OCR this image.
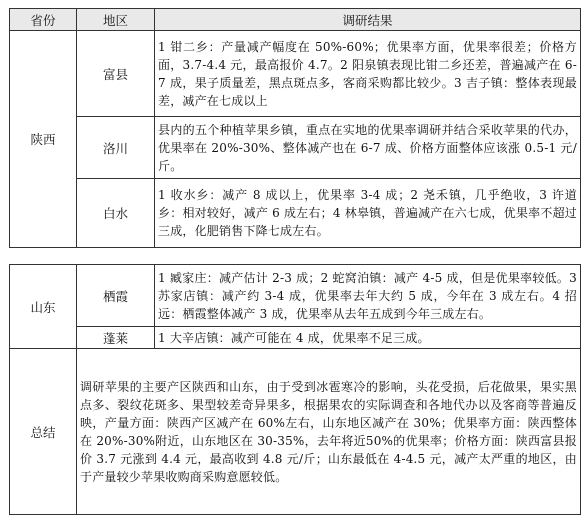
省份	地区	调研结果
陕西	富县	1 钳二乡：产量减产幅度在 50%-60%；优果率方面，优果率很差；价格方面，3.7-4.4 元，最高报价 4.7。2 阳泉镇表现比钳二乡还差，普遍减产在 6-7 成，果子质量差，黑点斑点多，客商采购都比较少。3 吉子镇：整体表现最差，减产在七成以上
	洛川	县内的五个种植苹果乡镇，重点在实地的优果率调研并结合采收苹果的代办，优果率在 20%-30%、整体减产也在 6-7 成、价格方面整体应该涨 0.5-1 元/斤。
	白水	1 收水乡：减产 8 成以上，优果率 3-4 成；2 尧禾镇，几乎绝收，3 许道乡：相对较好，减产 6 成左右；4 林皋镇，普遍减产在六七成，优果率不超过三成，化肥销售下降七成左右。
山东	栖霞	1 臧家庄：减产估计 2-3 成；2 蛇窝泊镇：减产 4-5 成，但是优果率较低。3 苏家店镇：减产约 3-4 成，优果率去年大约 5 成，今年在 3 成左右。4 招远：栖霞整体减产 3 成，优果率从去年五成到今年三成左右。
	蓬莱	1 大辛店镇：减产可能在 4 成，优果率不足三成。
总结	调研苹果的主要产区陕西和山东，由于受到冰雹寒冷的影响，头花受损，后花做果，果实黑点多、裂纹花斑多、果型较差奇异果多，根据果农的实际调查和各地代办以及客商等普遍反映，产量方面：陕西产区减产在 60%左右，山东地区减产在 30%；优果率方面：陕西整体在 20%-30%附近，山东地区在 30-35%，去年将近50%的优果率；价格方面：陕西富县报价 3.7 元涨到 4.4 元，最高收到 4.8 元/斤；山东最低在 4-4.5 元，减产太严重的地区，由于产量较少苹果收购商采购意愿较低。	
